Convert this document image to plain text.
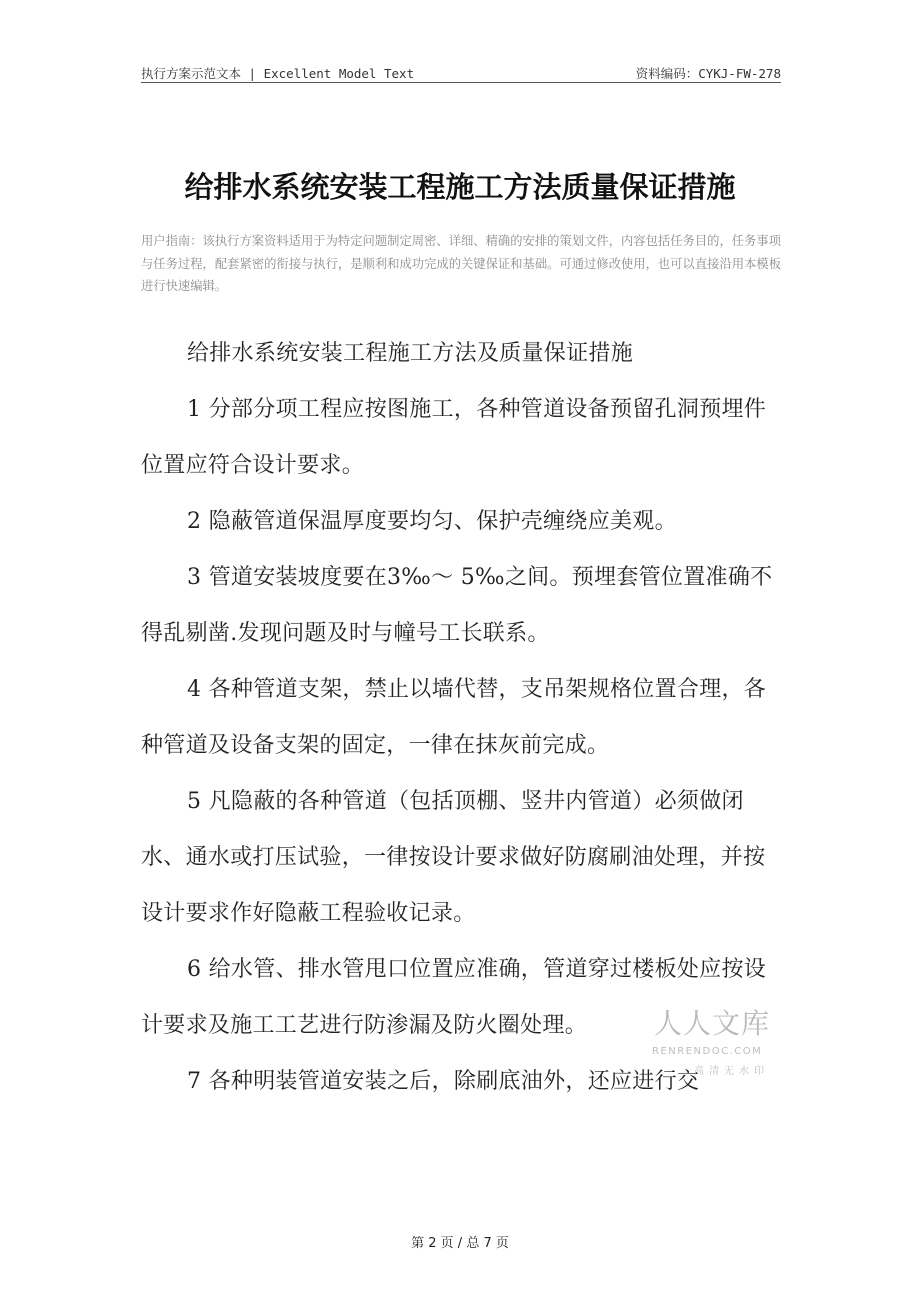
执行方案示范文本 | Excellent Model Text	资料编码：CYKJ-FW-278
给排水系统安装工程施工方法质量保证措施
用户指南：该执行方案资料适用于为特定问题制定周密、详细、精确的安排的策划文件，内容包括任务目的，任务事项与任务过程，配套紧密的衔接与执行，是顺利和成功完成的关键保证和基础。可通过修改使用，也可以直接沿用本模板进行快速编辑。

给排水系统安装工程施工方法及质量保证措施

1 分部分项工程应按图施工，各种管道设备预留孔洞预埋件位置应符合设计要求。

2 隐蔽管道保温厚度要均匀、保护壳缠绕应美观。

3 管道安装坡度要在3‰～ 5‰之间。预埋套管位置准确不得乱剔凿.发现问题及时与幢号工长联系。

4 各种管道支架，禁止以墙代替，支吊架规格位置合理，各种管道及设备支架的固定，一律在抹灰前完成。

5 凡隐蔽的各种管道（包括顶棚、竖井内管道）必须做闭水、通水或打压试验，一律按设计要求做好防腐刷油处理，并按设计要求作好隐蔽工程验收记录。

6 给水管、排水管甩口位置应准确，管道穿过楼板处应按设计要求及施工工艺进行防渗漏及防火圈处理。

7 各种明装管道安装之后，除刷底油外，还应进行交

人人文库
RENRENDOC.COM
高清无水印
第 2 页 / 总 7 页
